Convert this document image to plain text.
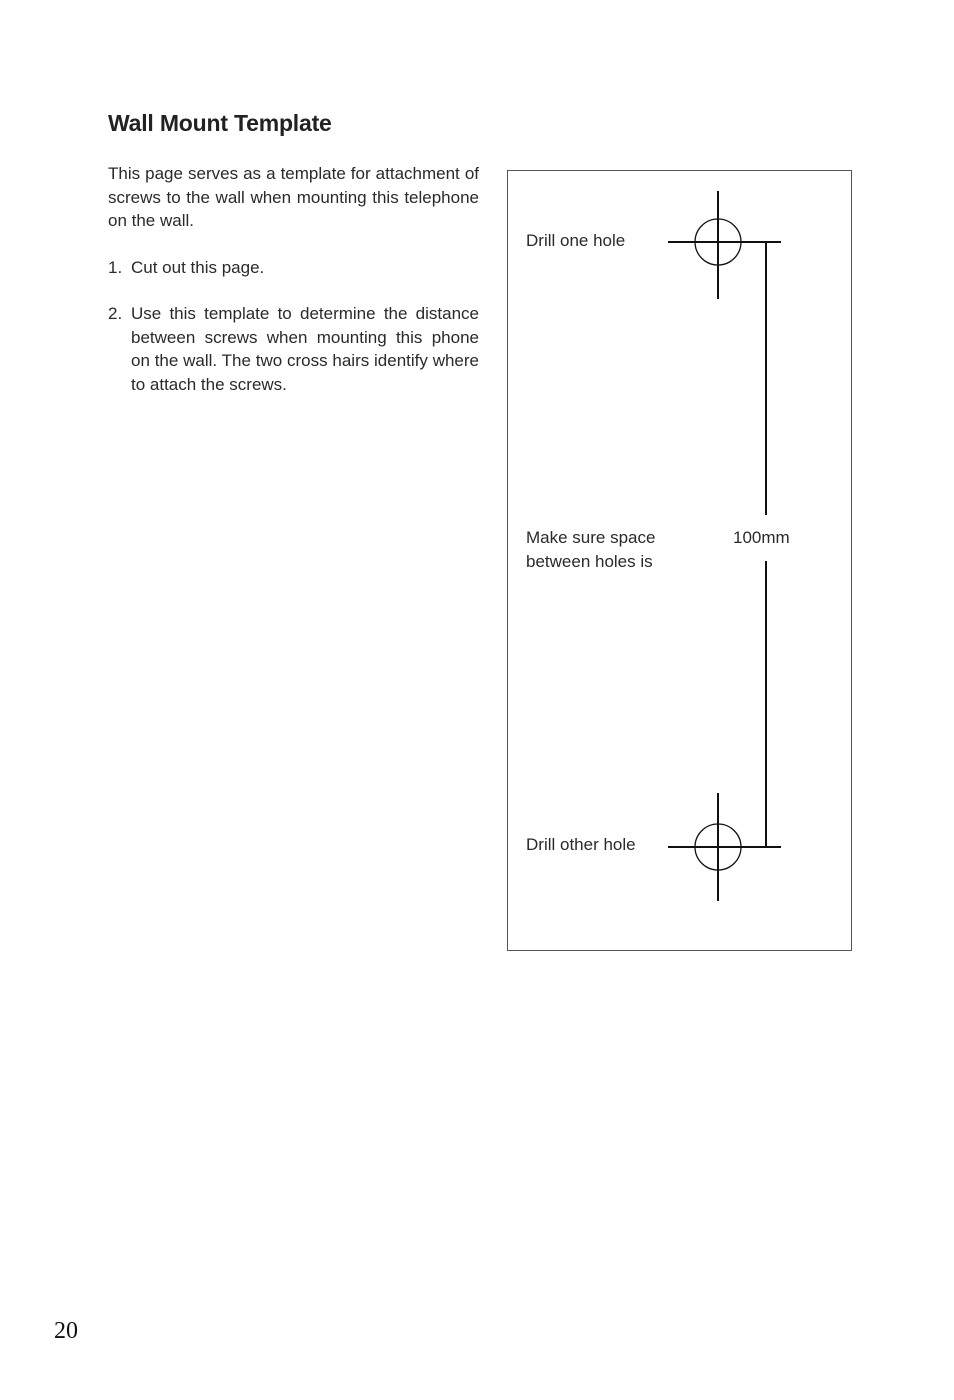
Wall Mount Template

This page serves as a template for attachment of screws to the wall when mounting this telephone on the wall.

1. Cut out this page.
2. Use this template to determine the distance between screws when mounting this phone on the wall. The two cross hairs identify where to attach the screws.
Drill one hole
Make sure space
between holes is
100mm
Drill other hole
20
